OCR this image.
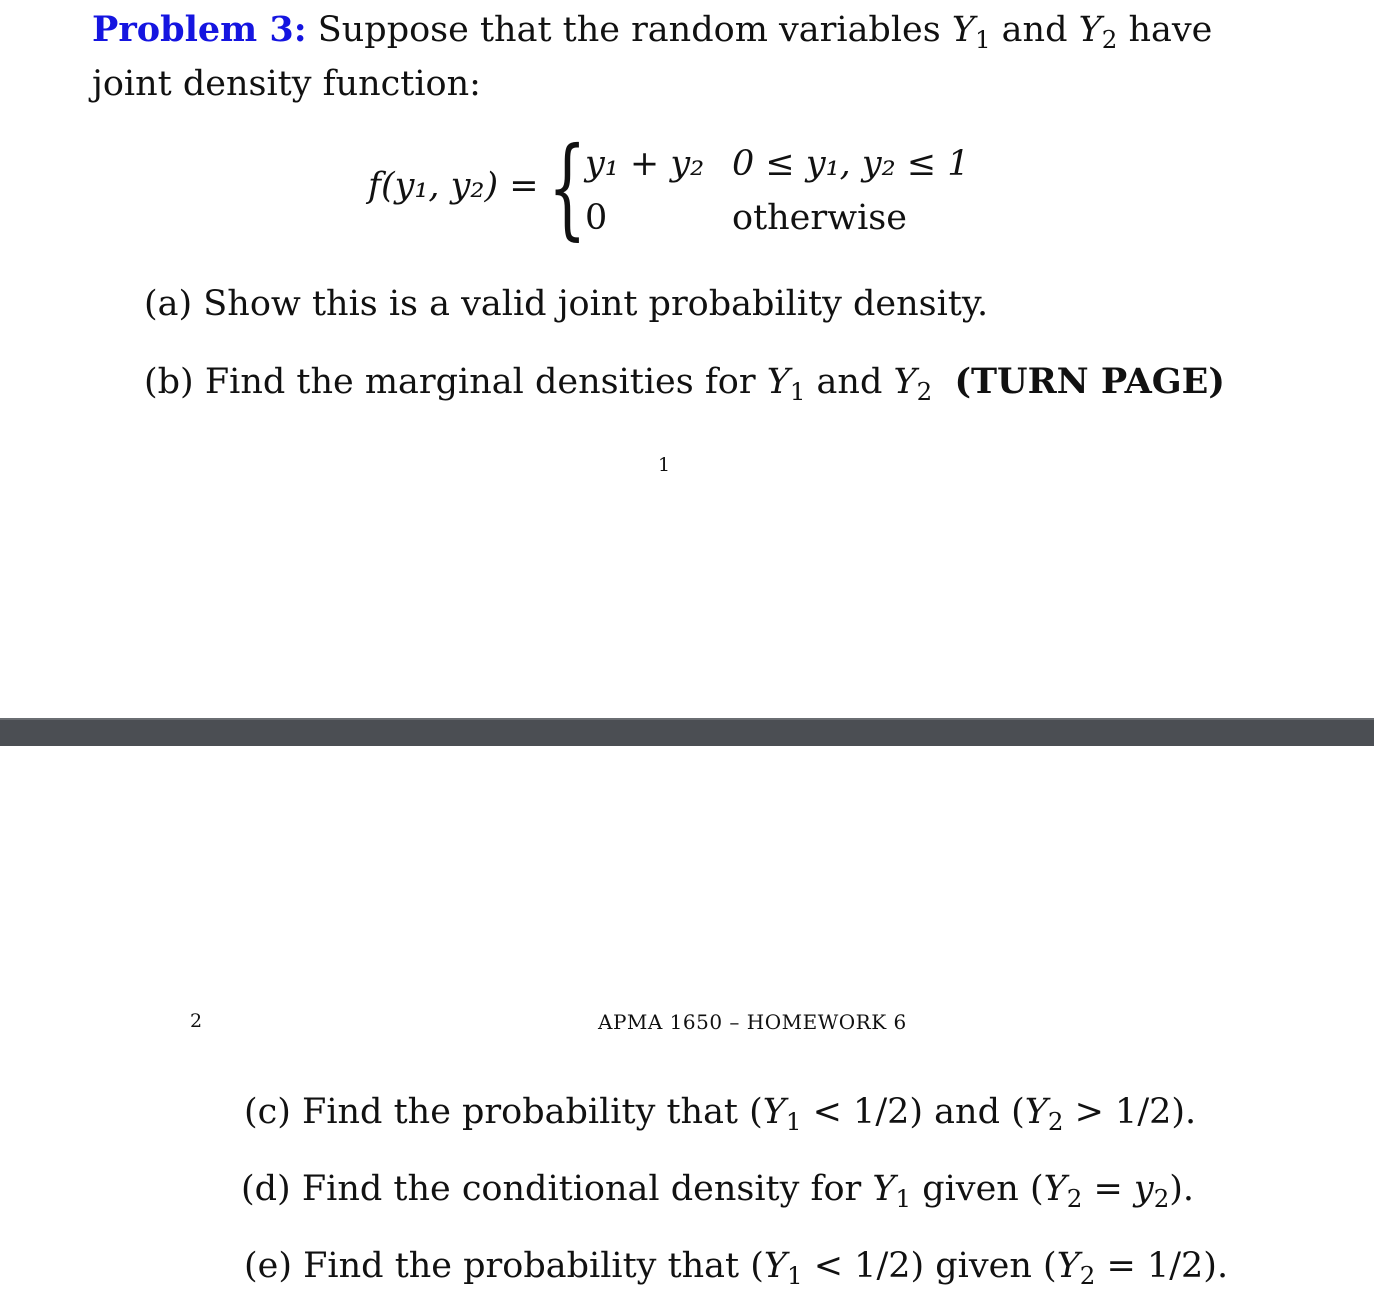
Problem 3: Suppose that the random variables $Y_1$ and $Y_2$ have joint density function:
f(y₁, y₂) = {
y₁ + y₂ 0 ≤ y₁, y₂ ≤ 1
0	otherwise
(a) Show this is a valid joint probability density.
(b) Find the marginal densities for $Y_1$ and $Y_2$ (TURN PAGE)
1
2	APMA 1650 – HOMEWORK 6
(c) Find the probability that $(Y_1 < 1/2)$ and $(Y_2 > 1/2)$.
(d) Find the conditional density for $Y_1$ given $(Y_2 = y_2)$.
(e) Find the probability that $(Y_1 < 1/2)$ given $(Y_2 = 1/2)$.
